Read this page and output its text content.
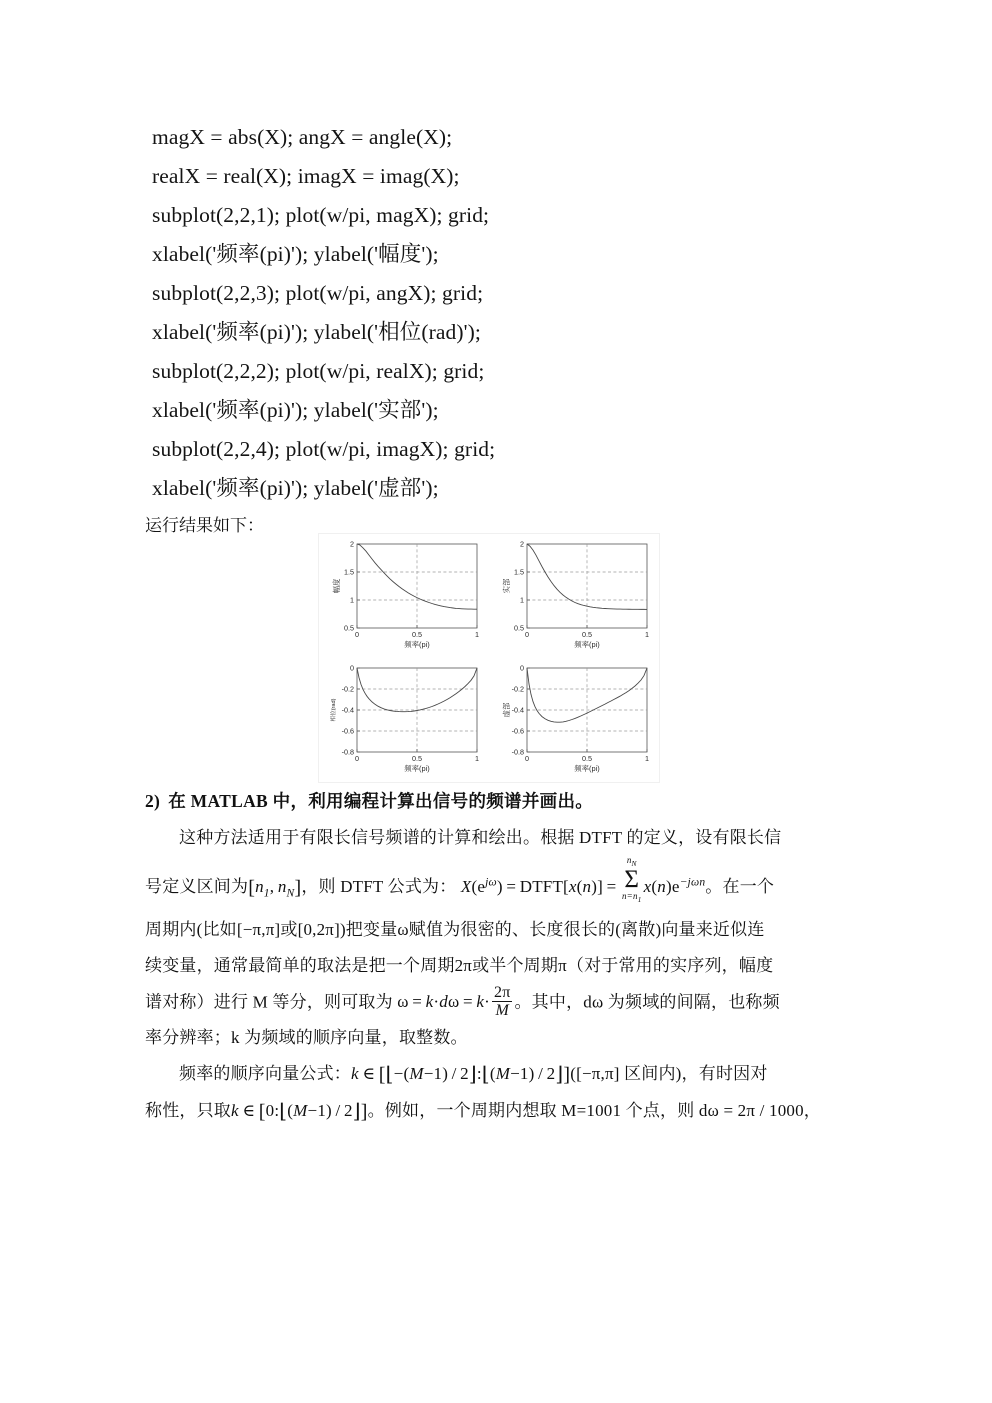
magX = abs(X); angX = angle(X);
realX = real(X); imagX = imag(X);
subplot(2,2,1); plot(w/pi, magX); grid;
xlabel('频率(pi)'); ylabel('幅度');
subplot(2,2,3); plot(w/pi, angX); grid;
xlabel('频率(pi)'); ylabel('相位(rad)');
subplot(2,2,2); plot(w/pi, realX); grid;
xlabel('频率(pi)'); ylabel('实部');
subplot(2,2,4); plot(w/pi, imagX); grid;
xlabel('频率(pi)'); ylabel('虚部');
运行结果如下：
0.5
1
1.5
2
0	0.5	1
频率(pi)
幅度
0.5
1
1.5
2
0	0.5	1
频率(pi)
实部
-0.8
-0.6
-0.4
-0.2
0
0	0.5	1
频率(pi)
相位(rad)
-0.8
-0.6
-0.4
-0.2
0
0	0.5	1
频率(pi)
虚部

2) 在 MATLAB 中，利用编程计算出信号的频谱并画出。

这种方法适用于有限长信号频谱的计算和绘出。根据 DTFT 的定义，设有限长信

号定义区间为[$n_1$, $n_N$]，则 DTFT 公式为： $X(e^{j\omega})$ = DTFT[x(n)] = 
$n_N$
Σ
$n=n_1$
$x(n)e^{-j\omega n}$。在一个

周期内(比如[−π,π]或[0,2π])把变量ω赋值为很密的、长度很长的(离散)向量来近似连

续变量，通常最简单的取法是把一个周期2π或半个周期π（对于常用的实序列，幅度

谱对称）进行 M 等分，则可取为 $\omega = k\cdot d\omega = k\cdot \frac{2\pi}{M}$ 。其中，dω 为频域的间隔，也称频

率分辨率；k 为频域的顺序向量，取整数。

频率的顺序向量公式：k ∈ [⌊−(M−1) / 2⌋:⌊(M−1) / 2⌋]([−π,π] 区间内)，有时因对

称性，只取k ∈ [0:⌊(M−1) / 2⌋]。例如，一个周期内想取 M=1001 个点，则 dω = 2π / 1000，
